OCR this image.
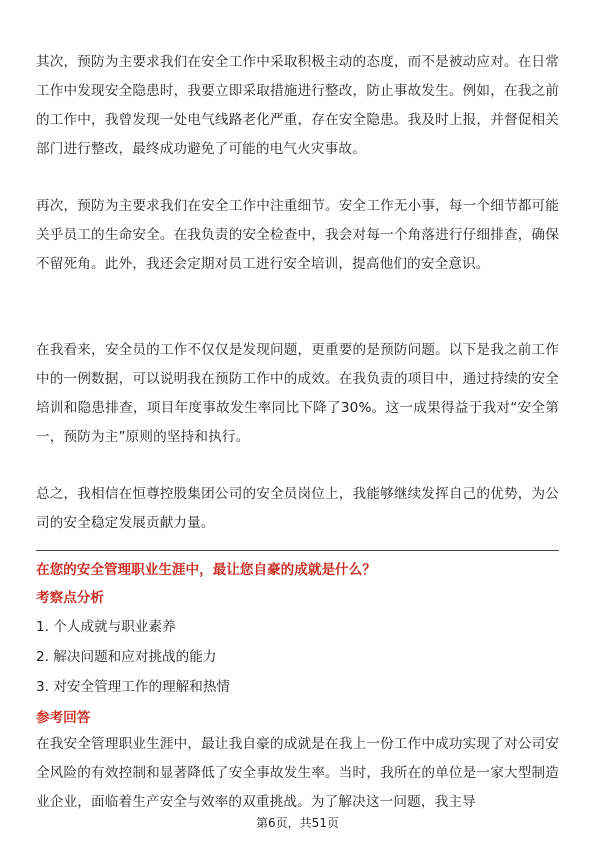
其次，预防为主要求我们在安全工作中采取积极主动的态度，而不是被动应对。在日常工作中发现安全隐患时，我要立即采取措施进行整改，防止事故发生。例如，在我之前的工作中，我曾发现一处电气线路老化严重，存在安全隐患。我及时上报，并督促相关部门进行整改，最终成功避免了可能的电气火灾事故。

再次，预防为主要求我们在安全工作中注重细节。安全工作无小事，每一个细节都可能关乎员工的生命安全。在我负责的安全检查中，我会对每一个角落进行仔细排查，确保不留死角。此外，我还会定期对员工进行安全培训，提高他们的安全意识。

在我看来，安全员的工作不仅仅是发现问题，更重要的是预防问题。以下是我之前工作中的一例数据，可以说明我在预防工作中的成效。在我负责的项目中，通过持续的安全培训和隐患排查，项目年度事故发生率同比下降了30%。这一成果得益于我对“安全第一，预防为主”原则的坚持和执行。

总之，我相信在恒尊控股集团公司的安全员岗位上，我能够继续发挥自己的优势，为公司的安全稳定发展贡献力量。

在您的安全管理职业生涯中，最让您自豪的成就是什么？
考察点分析
1. 个人成就与职业素养
2. 解决问题和应对挑战的能力
3. 对安全管理工作的理解和热情
参考回答

在我安全管理职业生涯中，最让我自豪的成就是在我上一份工作中成功实现了对公司安全风险的有效控制和显著降低了安全事故发生率。当时，我所在的单位是一家大型制造业企业，面临着生产安全与效率的双重挑战。为了解决这一问题，我主导

第6页，共51页
